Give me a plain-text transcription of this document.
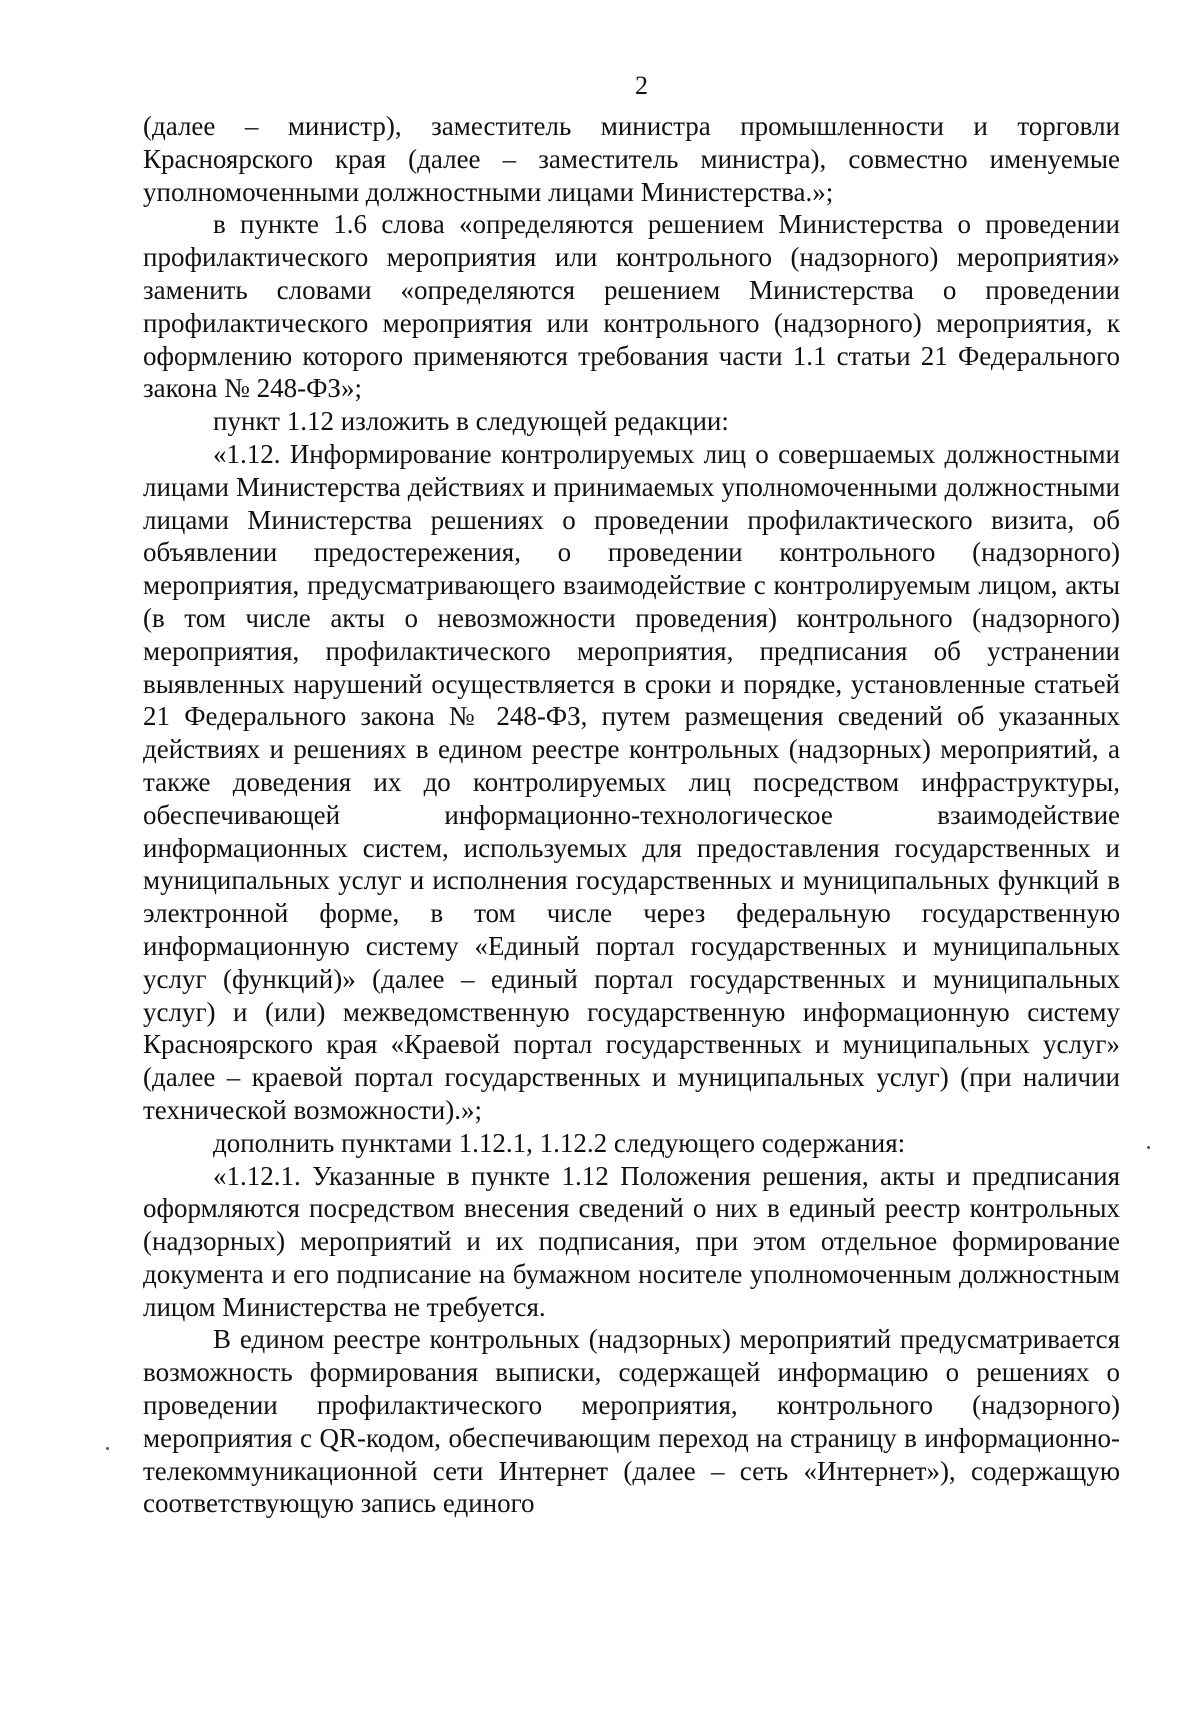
2

(далее – министр), заместитель министра промышленности и торговли Красноярского края (далее – заместитель министра), совместно именуемые уполномоченными должностными лицами Министерства.»;

в пункте 1.6 слова «определяются решением Министерства о проведении профилактического мероприятия или контрольного (надзорного) мероприятия» заменить словами «определяются решением Министерства о проведении профилактического мероприятия или контрольного (надзорного) мероприятия, к оформлению которого применяются требования части 1.1 статьи 21 Федерального закона № 248-ФЗ»;

пункт 1.12 изложить в следующей редакции:

«1.12. Информирование контролируемых лиц о совершаемых должностными лицами Министерства действиях и принимаемых уполномоченными должностными лицами Министерства решениях о проведении профилактического визита, об объявлении предостережения, о проведении контрольного (надзорного) мероприятия, предусматривающего взаимодействие с контролируемым лицом, акты (в том числе акты о невозможности проведения) контрольного (надзорного) мероприятия, профилактического мероприятия, предписания об устранении выявленных нарушений осуществляется в сроки и порядке, установленные статьей 21 Федерального закона № 248-ФЗ, путем размещения сведений об указанных действиях и решениях в едином реестре контрольных (надзорных) мероприятий, а также доведения их до контролируемых лиц посредством инфраструктуры, обеспечивающей информационно-технологическое взаимодействие информационных систем, используемых для предоставления государственных и муниципальных услуг и исполнения государственных и муниципальных функций в электронной форме, в том числе через федеральную государственную информационную систему «Единый портал государственных и муниципальных услуг (функций)» (далее – единый портал государственных и муниципальных услуг) и (или) межведомственную государственную информационную систему Красноярского края «Краевой портал государственных и муниципальных услуг» (далее – краевой портал государственных и муниципальных услуг) (при наличии технической возможности).»;

дополнить пунктами 1.12.1, 1.12.2 следующего содержания:

«1.12.1. Указанные в пункте 1.12 Положения решения, акты и предписания оформляются посредством внесения сведений о них в единый реестр контрольных (надзорных) мероприятий и их подписания, при этом отдельное формирование документа и его подписание на бумажном носителе уполномоченным должностным лицом Министерства не требуется.

В едином реестре контрольных (надзорных) мероприятий предусматривается возможность формирования выписки, содержащей информацию о решениях о проведении профилактического мероприятия, контрольного (надзорного) мероприятия с QR-кодом, обеспечивающим переход на страницу в информационно-телекоммуникационной сети Интернет (далее – сеть «Интернет»), содержащую соответствующую запись единого
